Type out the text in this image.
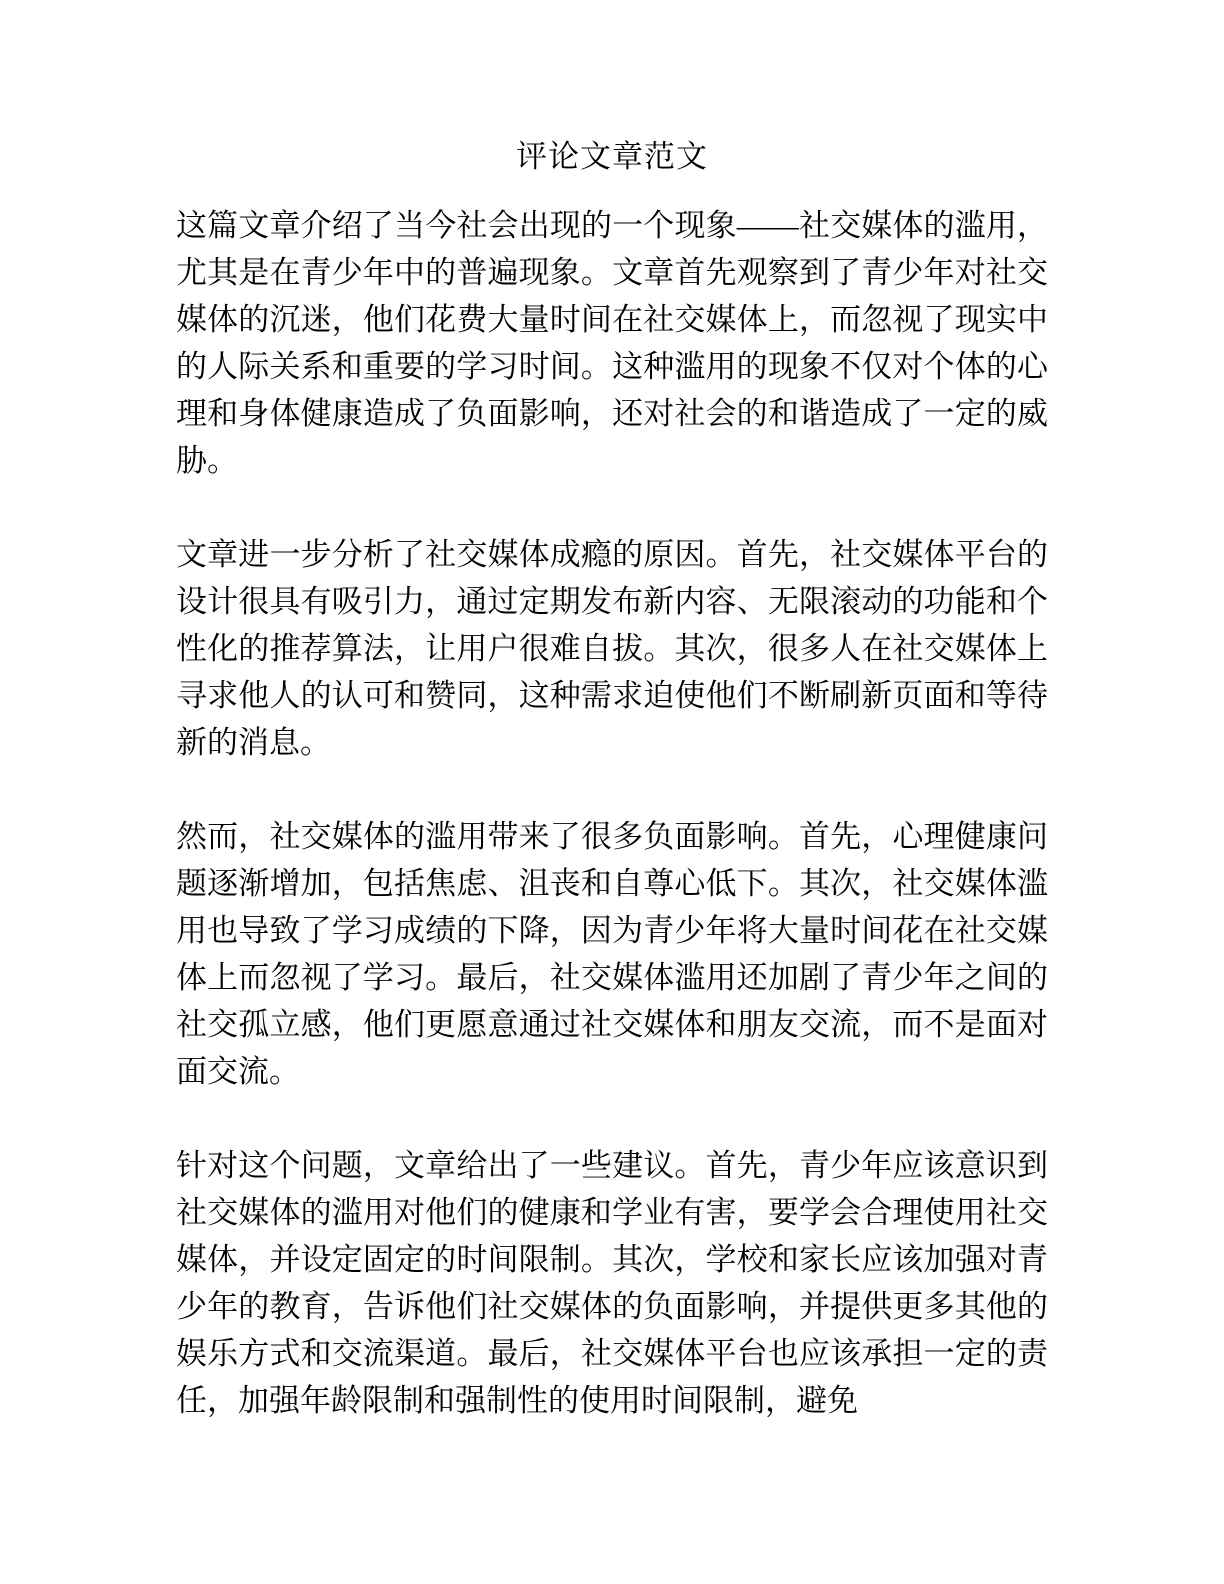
评论文章范文

这篇文章介绍了当今社会出现的一个现象——社交媒体的滥用，尤其是在青少年中的普遍现象。文章首先观察到了青少年对社交媒体的沉迷，他们花费大量时间在社交媒体上，而忽视了现实中的人际关系和重要的学习时间。这种滥用的现象不仅对个体的心理和身体健康造成了负面影响，还对社会的和谐造成了一定的威胁。

文章进一步分析了社交媒体成瘾的原因。首先，社交媒体平台的设计很具有吸引力，通过定期发布新内容、无限滚动的功能和个性化的推荐算法，让用户很难自拔。其次，很多人在社交媒体上寻求他人的认可和赞同，这种需求迫使他们不断刷新页面和等待新的消息。

然而，社交媒体的滥用带来了很多负面影响。首先，心理健康问题逐渐增加，包括焦虑、沮丧和自尊心低下。其次，社交媒体滥用也导致了学习成绩的下降，因为青少年将大量时间花在社交媒体上而忽视了学习。最后，社交媒体滥用还加剧了青少年之间的社交孤立感，他们更愿意通过社交媒体和朋友交流，而不是面对面交流。

针对这个问题，文章给出了一些建议。首先，青少年应该意识到社交媒体的滥用对他们的健康和学业有害，要学会合理使用社交媒体，并设定固定的时间限制。其次，学校和家长应该加强对青少年的教育，告诉他们社交媒体的负面影响，并提供更多其他的娱乐方式和交流渠道。最后，社交媒体平台也应该承担一定的责任，加强年龄限制和强制性的使用时间限制，避免
